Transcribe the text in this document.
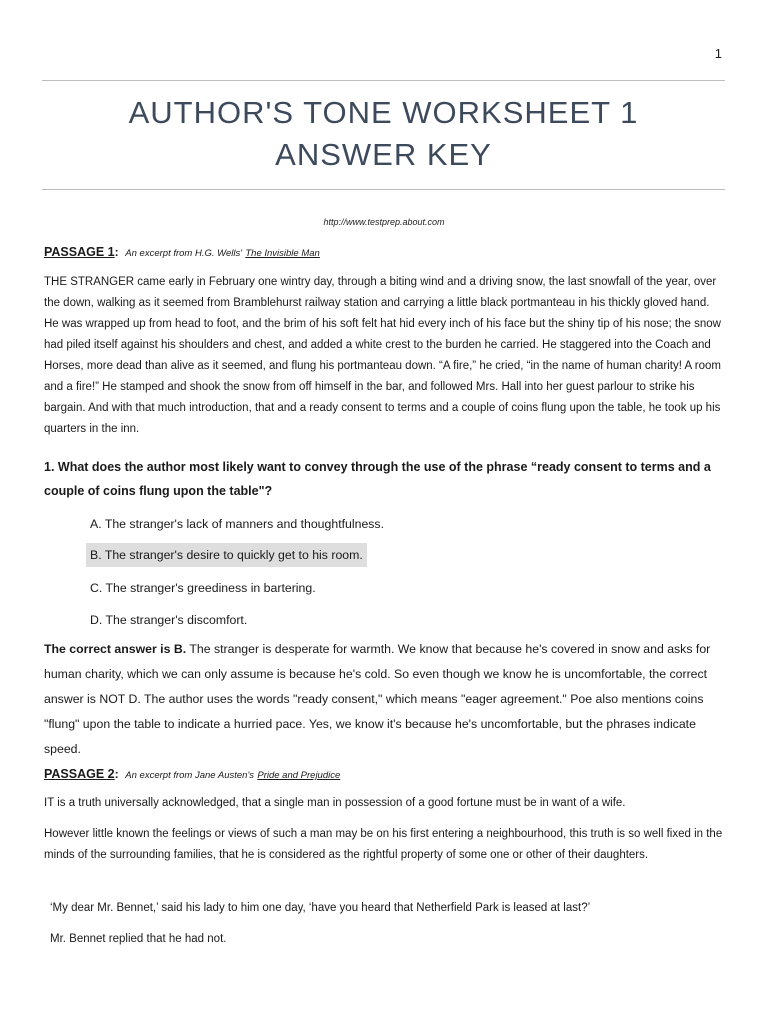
1
AUTHOR'S TONE WORKSHEET 1
ANSWER KEY
http://www.testprep.about.com
PASSAGE 1: An excerpt from H.G. Wells' The Invisible Man

THE STRANGER came early in February one wintry day, through a biting wind and a driving snow, the last snowfall of the year, over the down, walking as it seemed from Bramblehurst railway station and carrying a little black portmanteau in his thickly gloved hand. He was wrapped up from head to foot, and the brim of his soft felt hat hid every inch of his face but the shiny tip of his nose; the snow had piled itself against his shoulders and chest, and added a white crest to the burden he carried. He staggered into the Coach and Horses, more dead than alive as it seemed, and flung his portmanteau down. “A fire,” he cried, “in the name of human charity! A room and a fire!” He stamped and shook the snow from off himself in the bar, and followed Mrs. Hall into her guest parlour to strike his bargain. And with that much introduction, that and a ready consent to terms and a couple of coins flung upon the table, he took up his quarters in the inn.

1. What does the author most likely want to convey through the use of the phrase “ready consent to terms and a couple of coins flung upon the table"?

A. The stranger's lack of manners and thoughtfulness.
B. The stranger's desire to quickly get to his room.
C. The stranger's greediness in bartering.
D. The stranger's discomfort.

The correct answer is B. The stranger is desperate for warmth. We know that because he's covered in snow and asks for human charity, which we can only assume is because he's cold. So even though we know he is uncomfortable, the correct answer is NOT D. The author uses the words "ready consent," which means "eager agreement." Poe also mentions coins "flung" upon the table to indicate a hurried pace. Yes, we know it's because he's uncomfortable, but the phrases indicate speed.

PASSAGE 2: An excerpt from Jane Austen's Pride and Prejudice

IT is a truth universally acknowledged, that a single man in possession of a good fortune must be in want of a wife.

However little known the feelings or views of such a man may be on his first entering a neighbourhood, this truth is so well fixed in the minds of the surrounding families, that he is considered as the rightful property of some one or other of their daughters.

‘My dear Mr. Bennet,’ said his lady to him one day, ‘have you heard that Netherfield Park is leased at last?’

Mr. Bennet replied that he had not.
